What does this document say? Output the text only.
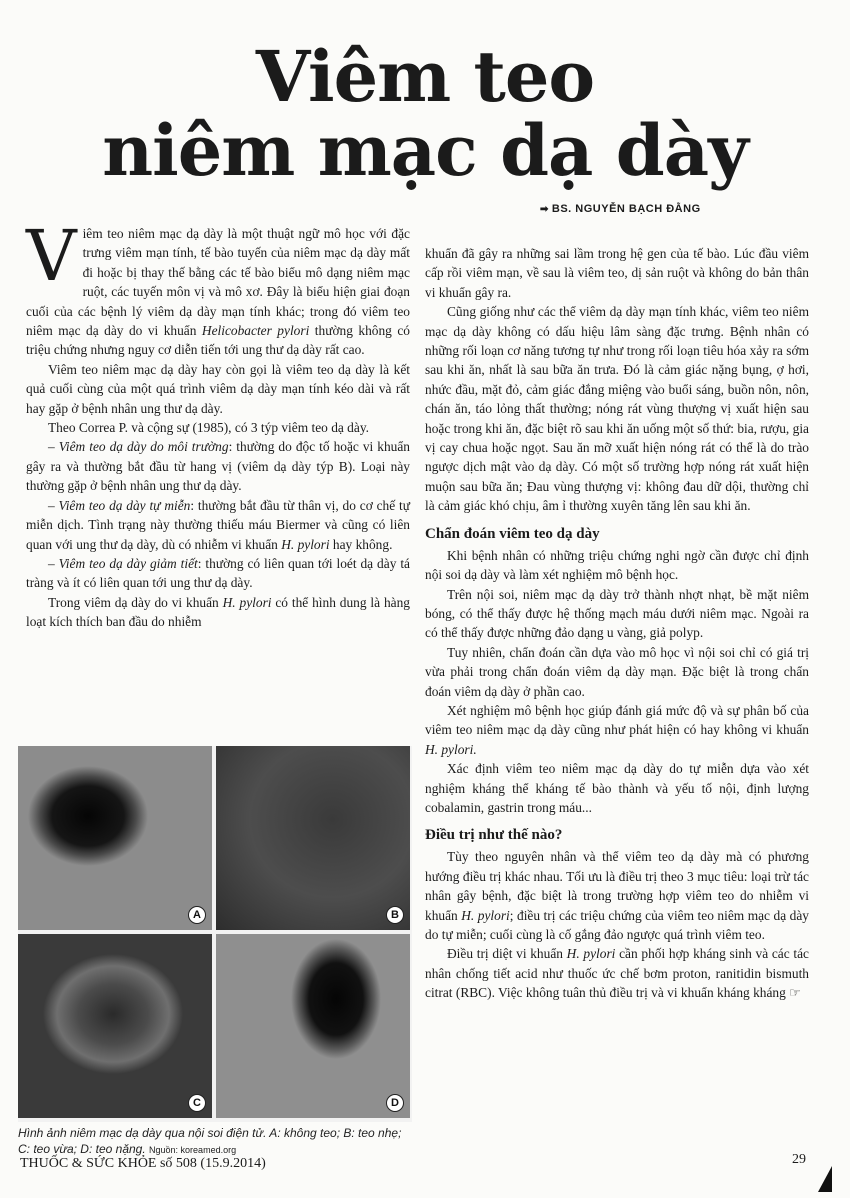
Viêm teo
niêm mạc dạ dày
➡ BS. NGUYỄN BẠCH ĐẰNG

Viêm teo niêm mạc dạ dày là một thuật ngữ mô học với đặc trưng viêm mạn tính, tế bào tuyến của niêm mạc dạ dày mất đi hoặc bị thay thế bằng các tế bào biểu mô dạng niêm mạc ruột, các tuyến môn vị và mô xơ. Đây là biểu hiện giai đoạn cuối của các bệnh lý viêm dạ dày mạn tính khác; trong đó viêm teo niêm mạc dạ dày do vi khuẩn Helicobacter pylori thường không có triệu chứng nhưng nguy cơ diễn tiến tới ung thư dạ dày rất cao.

Viêm teo niêm mạc dạ dày hay còn gọi là viêm teo dạ dày là kết quả cuối cùng của một quá trình viêm dạ dày mạn tính kéo dài và rất hay gặp ở bệnh nhân ung thư dạ dày.

Theo Correa P. và cộng sự (1985), có 3 týp viêm teo dạ dày.

– Viêm teo dạ dày do môi trường: thường do độc tố hoặc vi khuẩn gây ra và thường bắt đầu từ hang vị (viêm dạ dày týp B). Loại này thường gặp ở bệnh nhân ung thư dạ dày.

– Viêm teo dạ dày tự miễn: thường bắt đầu từ thân vị, do cơ chế tự miễn dịch. Tình trạng này thường thiếu máu Biermer và cũng có liên quan với ung thư dạ dày, dù có nhiễm vi khuẩn H. pylori hay không.

– Viêm teo dạ dày giảm tiết: thường có liên quan tới loét dạ dày tá tràng và ít có liên quan tới ung thư dạ dày.

Trong viêm dạ dày do vi khuẩn H. pylori có thể hình dung là hàng loạt kích thích ban đầu do nhiễm

A	B
C	D
Hình ảnh niêm mạc dạ dày qua nội soi điện tử. A: không teo; B: teo nhẹ; C: teo vừa; D: teo nặng. Nguồn: koreamed.org

khuẩn đã gây ra những sai lầm trong hệ gen của tế bào. Lúc đầu viêm cấp rồi viêm mạn, về sau là viêm teo, dị sản ruột và không do bản thân vi khuẩn gây ra.

Cũng giống như các thể viêm dạ dày mạn tính khác, viêm teo niêm mạc dạ dày không có dấu hiệu lâm sàng đặc trưng. Bệnh nhân có những rối loạn cơ năng tương tự như trong rối loạn tiêu hóa xảy ra sớm sau khi ăn, nhất là sau bữa ăn trưa. Đó là cảm giác nặng bụng, ợ hơi, nhức đầu, mặt đỏ, cảm giác đắng miệng vào buổi sáng, buồn nôn, nôn, chán ăn, táo lỏng thất thường; nóng rát vùng thượng vị xuất hiện sau hoặc trong khi ăn, đặc biệt rõ sau khi ăn uống một số thứ: bia, rượu, gia vị cay chua hoặc ngọt. Sau ăn mỡ xuất hiện nóng rát có thể là do trào ngược dịch mật vào dạ dày. Có một số trường hợp nóng rát xuất hiện muộn sau bữa ăn; Đau vùng thượng vị: không đau dữ dội, thường chỉ là cảm giác khó chịu, âm ỉ thường xuyên tăng lên sau khi ăn.

Chẩn đoán viêm teo dạ dày

Khi bệnh nhân có những triệu chứng nghi ngờ cần được chỉ định nội soi dạ dày và làm xét nghiệm mô bệnh học.

Trên nội soi, niêm mạc dạ dày trở thành nhợt nhạt, bề mặt niêm bóng, có thể thấy được hệ thống mạch máu dưới niêm mạc. Ngoài ra có thể thấy được những đảo dạng u vàng, giả polyp.

Tuy nhiên, chẩn đoán cần dựa vào mô học vì nội soi chỉ có giá trị vừa phải trong chẩn đoán viêm dạ dày mạn. Đặc biệt là trong chẩn đoán viêm dạ dày ở phần cao.

Xét nghiệm mô bệnh học giúp đánh giá mức độ và sự phân bố của viêm teo niêm mạc dạ dày cũng như phát hiện có hay không vi khuẩn H. pylori.

Xác định viêm teo niêm mạc dạ dày do tự miễn dựa vào xét nghiệm kháng thể kháng tế bào thành và yếu tố nội, định lượng cobalamin, gastrin trong máu...

Điều trị như thế nào?

Tùy theo nguyên nhân và thể viêm teo dạ dày mà có phương hướng điều trị khác nhau. Tối ưu là điều trị theo 3 mục tiêu: loại trừ tác nhân gây bệnh, đặc biệt là trong trường hợp viêm teo do nhiễm vi khuẩn H. pylori; điều trị các triệu chứng của viêm teo niêm mạc dạ dày do tự miễn; cuối cùng là cố gắng đảo ngược quá trình viêm teo.

Điều trị diệt vi khuẩn H. pylori cần phối hợp kháng sinh và các tác nhân chống tiết acid như thuốc ức chế bơm proton, ranitidin bismuth citrat (RBC). Việc không tuân thủ điều trị và vi khuẩn kháng kháng ☞

THUỐC & SỨC KHỎE số 508 (15.9.2014)	29
